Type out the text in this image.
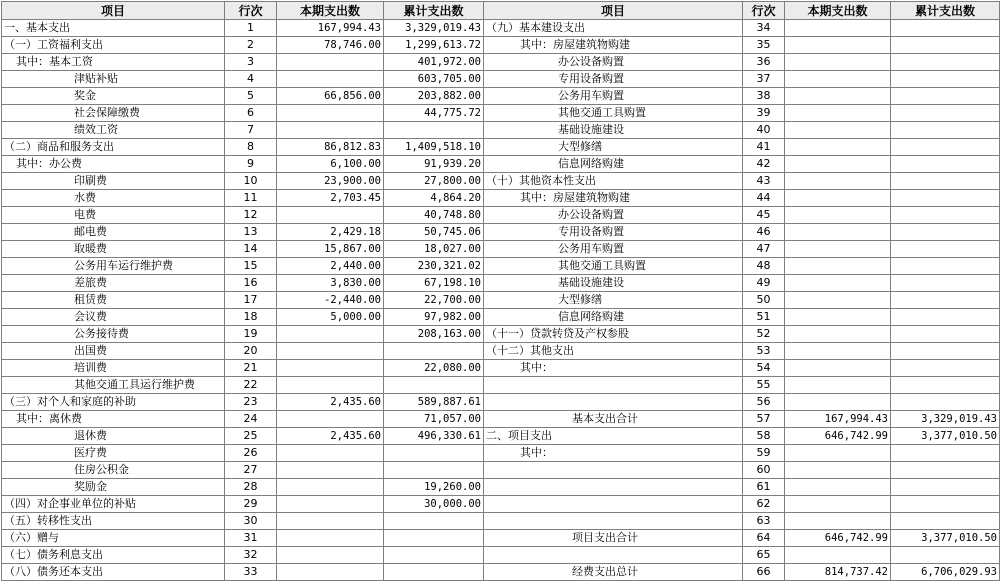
项目	行次	本期支出数	累计支出数	项目	行次	本期支出数	累计支出数
一、基本支出	1	167,994.43	3,329,019.43	（九）基本建设支出	34		
（一）工资福利支出	2	78,746.00	1,299,613.72	其中：房屋建筑物购建	35		
其中：基本工资	3		401,972.00	办公设备购置	36		
津贴补贴	4		603,705.00	专用设备购置	37		
奖金	5	66,856.00	203,882.00	公务用车购置	38		
社会保障缴费	6		44,775.72	其他交通工具购置	39		
绩效工资	7			基础设施建设	40		
（二）商品和服务支出	8	86,812.83	1,409,518.10	大型修缮	41		
其中：办公费	9	6,100.00	91,939.20	信息网络购建	42		
印刷费	10	23,900.00	27,800.00	（十）其他资本性支出	43		
水费	11	2,703.45	4,864.20	其中：房屋建筑物购建	44		
电费	12		40,748.80	办公设备购置	45		
邮电费	13	2,429.18	50,745.06	专用设备购置	46		
取暖费	14	15,867.00	18,027.00	公务用车购置	47		
公务用车运行维护费	15	2,440.00	230,321.02	其他交通工具购置	48		
差旅费	16	3,830.00	67,198.10	基础设施建设	49		
租赁费	17	-2,440.00	22,700.00	大型修缮	50		
会议费	18	5,000.00	97,982.00	信息网络购建	51		
公务接待费	19		208,163.00	（十一）贷款转贷及产权参股	52		
出国费	20			（十二）其他支出	53		
培训费	21		22,080.00	其中：	54		
其他交通工具运行维护费	22				55		
（三）对个人和家庭的补助	23	2,435.60	589,887.61		56		
其中：离休费	24		71,057.00	基本支出合计	57	167,994.43	3,329,019.43
退休费	25	2,435.60	496,330.61	二、项目支出	58	646,742.99	3,377,010.50
医疗费	26			其中：	59		
住房公积金	27				60		
奖励金	28		19,260.00		61		
（四）对企事业单位的补贴	29		30,000.00		62		
（五）转移性支出	30				63		
（六）赠与	31			项目支出合计	64	646,742.99	3,377,010.50
（七）债务利息支出	32				65		
（八）债务还本支出	33			经费支出总计	66	814,737.42	6,706,029.93
